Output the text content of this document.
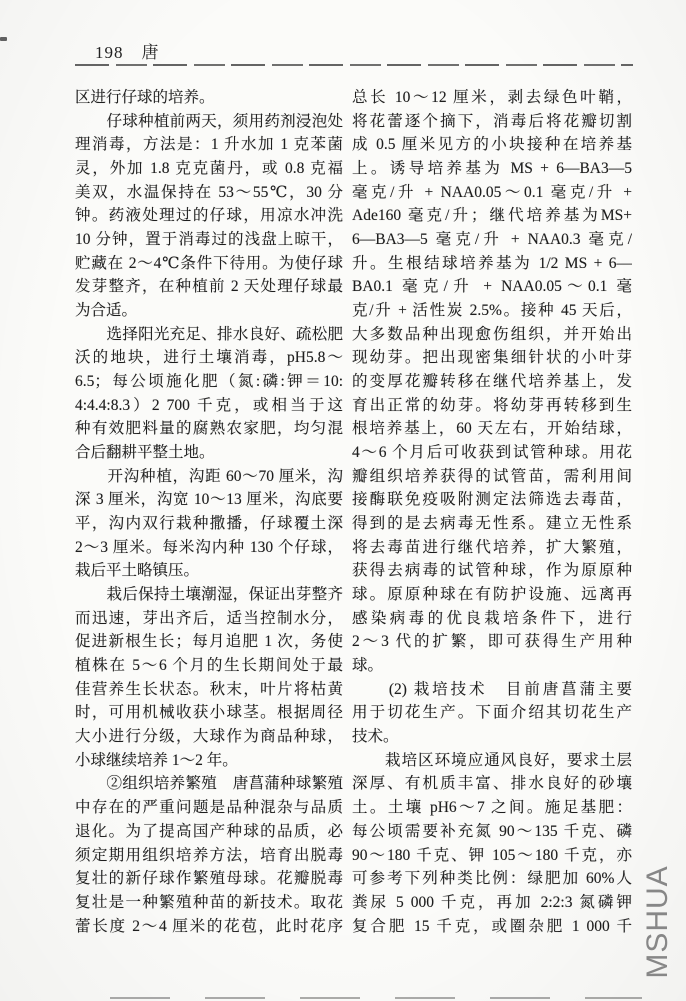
198 唐
区进行仔球的培养。
　　仔球种植前两天，须用药剂浸泡处
理消毒，方法是：1 升水加 1 克苯菌
灵，外加 1.8 克克菌丹，或 0.8 克福
美双，水温保持在 53～55℃，30 分
钟。药液处理过的仔球，用凉水冲洗
10 分钟，置于消毒过的浅盘上晾干，
贮藏在 2～4℃条件下待用。为使仔球
发芽整齐，在种植前 2 天处理仔球最
为合适。
　　选择阳光充足、排水良好、疏松肥
沃的地块，进行土壤消毒，pH5.8～
6.5；每公顷施化肥（氮:磷:钾＝10:
4:4.4:8.3）2 700 千克，或相当于这
种有效肥料量的腐熟农家肥，均匀混
合后翻耕平整土地。
　　开沟种植，沟距 60～70 厘米，沟
深 3 厘米，沟宽 10～13 厘米，沟底要
平，沟内双行栽种撒播，仔球覆土深
2～3 厘米。每米沟内种 130 个仔球，
栽后平土略镇压。
　　栽后保持土壤潮湿，保证出芽整齐
而迅速，芽出齐后，适当控制水分，
促进新根生长；每月追肥 1 次，务使
植株在 5～6 个月的生长期间处于最
佳营养生长状态。秋末，叶片将枯黄
时，可用机械收获小球茎。根据周径
大小进行分级，大球作为商品种球，
小球继续培养 1～2 年。
　　②组织培养繁殖　唐菖蒲种球繁殖
中存在的严重问题是品种混杂与品质
退化。为了提高国产种球的品质，必
须定期用组织培养方法，培育出脱毒
复壮的新仔球作繁殖母球。花瓣脱毒
复壮是一种繁殖种苗的新技术。取花
蕾长度 2～4 厘米的花苞，此时花序
总长 10～12 厘米，剥去绿色叶鞘，
将花蕾逐个摘下，消毒后将花瓣切割
成 0.5 厘米见方的小块接种在培养基
上。诱导培养基为 MS + 6—BA3—5
毫克/升 + NAA0.05～0.1 毫克/升 +
Ade160 毫克/升；继代培养基为MS+
6—BA3—5 毫克/升 + NAA0.3 毫克/
升。生根结球培养基为 1/2 MS + 6—
BA0.1 毫克/升 + NAA0.05～0.1 毫
克/升 + 活性炭 2.5%。接种 45 天后，
大多数品种出现愈伤组织，并开始出
现幼芽。把出现密集细针状的小叶芽
的变厚花瓣转移在继代培养基上，发
育出正常的幼芽。将幼芽再转移到生
根培养基上，60 天左右，开始结球，
4～6 个月后可收获到试管种球。用花
瓣组织培养获得的试管苗，需利用间
接酶联免疫吸附测定法筛选去毒苗，
得到的是去病毒无性系。建立无性系
将去毒苗进行继代培养，扩大繁殖，
获得去病毒的试管种球，作为原原种
球。原原种球在有防护设施、远离再
感染病毒的优良栽培条件下，进行
2～3 代的扩繁，即可获得生产用种
球。
　　(2) 栽培技术　目前唐菖蒲主要
用于切花生产。下面介绍其切花生产
技术。
　　栽培区环境应通风良好，要求土层
深厚、有机质丰富、排水良好的砂壤
土。土壤 pH6～7 之间。施足基肥：
每公顷需要补充氮 90～135 千克、磷
90～180 千克、钾 105～180 千克，亦
可参考下列种类比例：绿肥加 60%人
粪尿 5 000 千克，再加 2:2:3 氮磷钾
复合肥 15 千克，或圈杂肥 1 000 千 MSHUA
